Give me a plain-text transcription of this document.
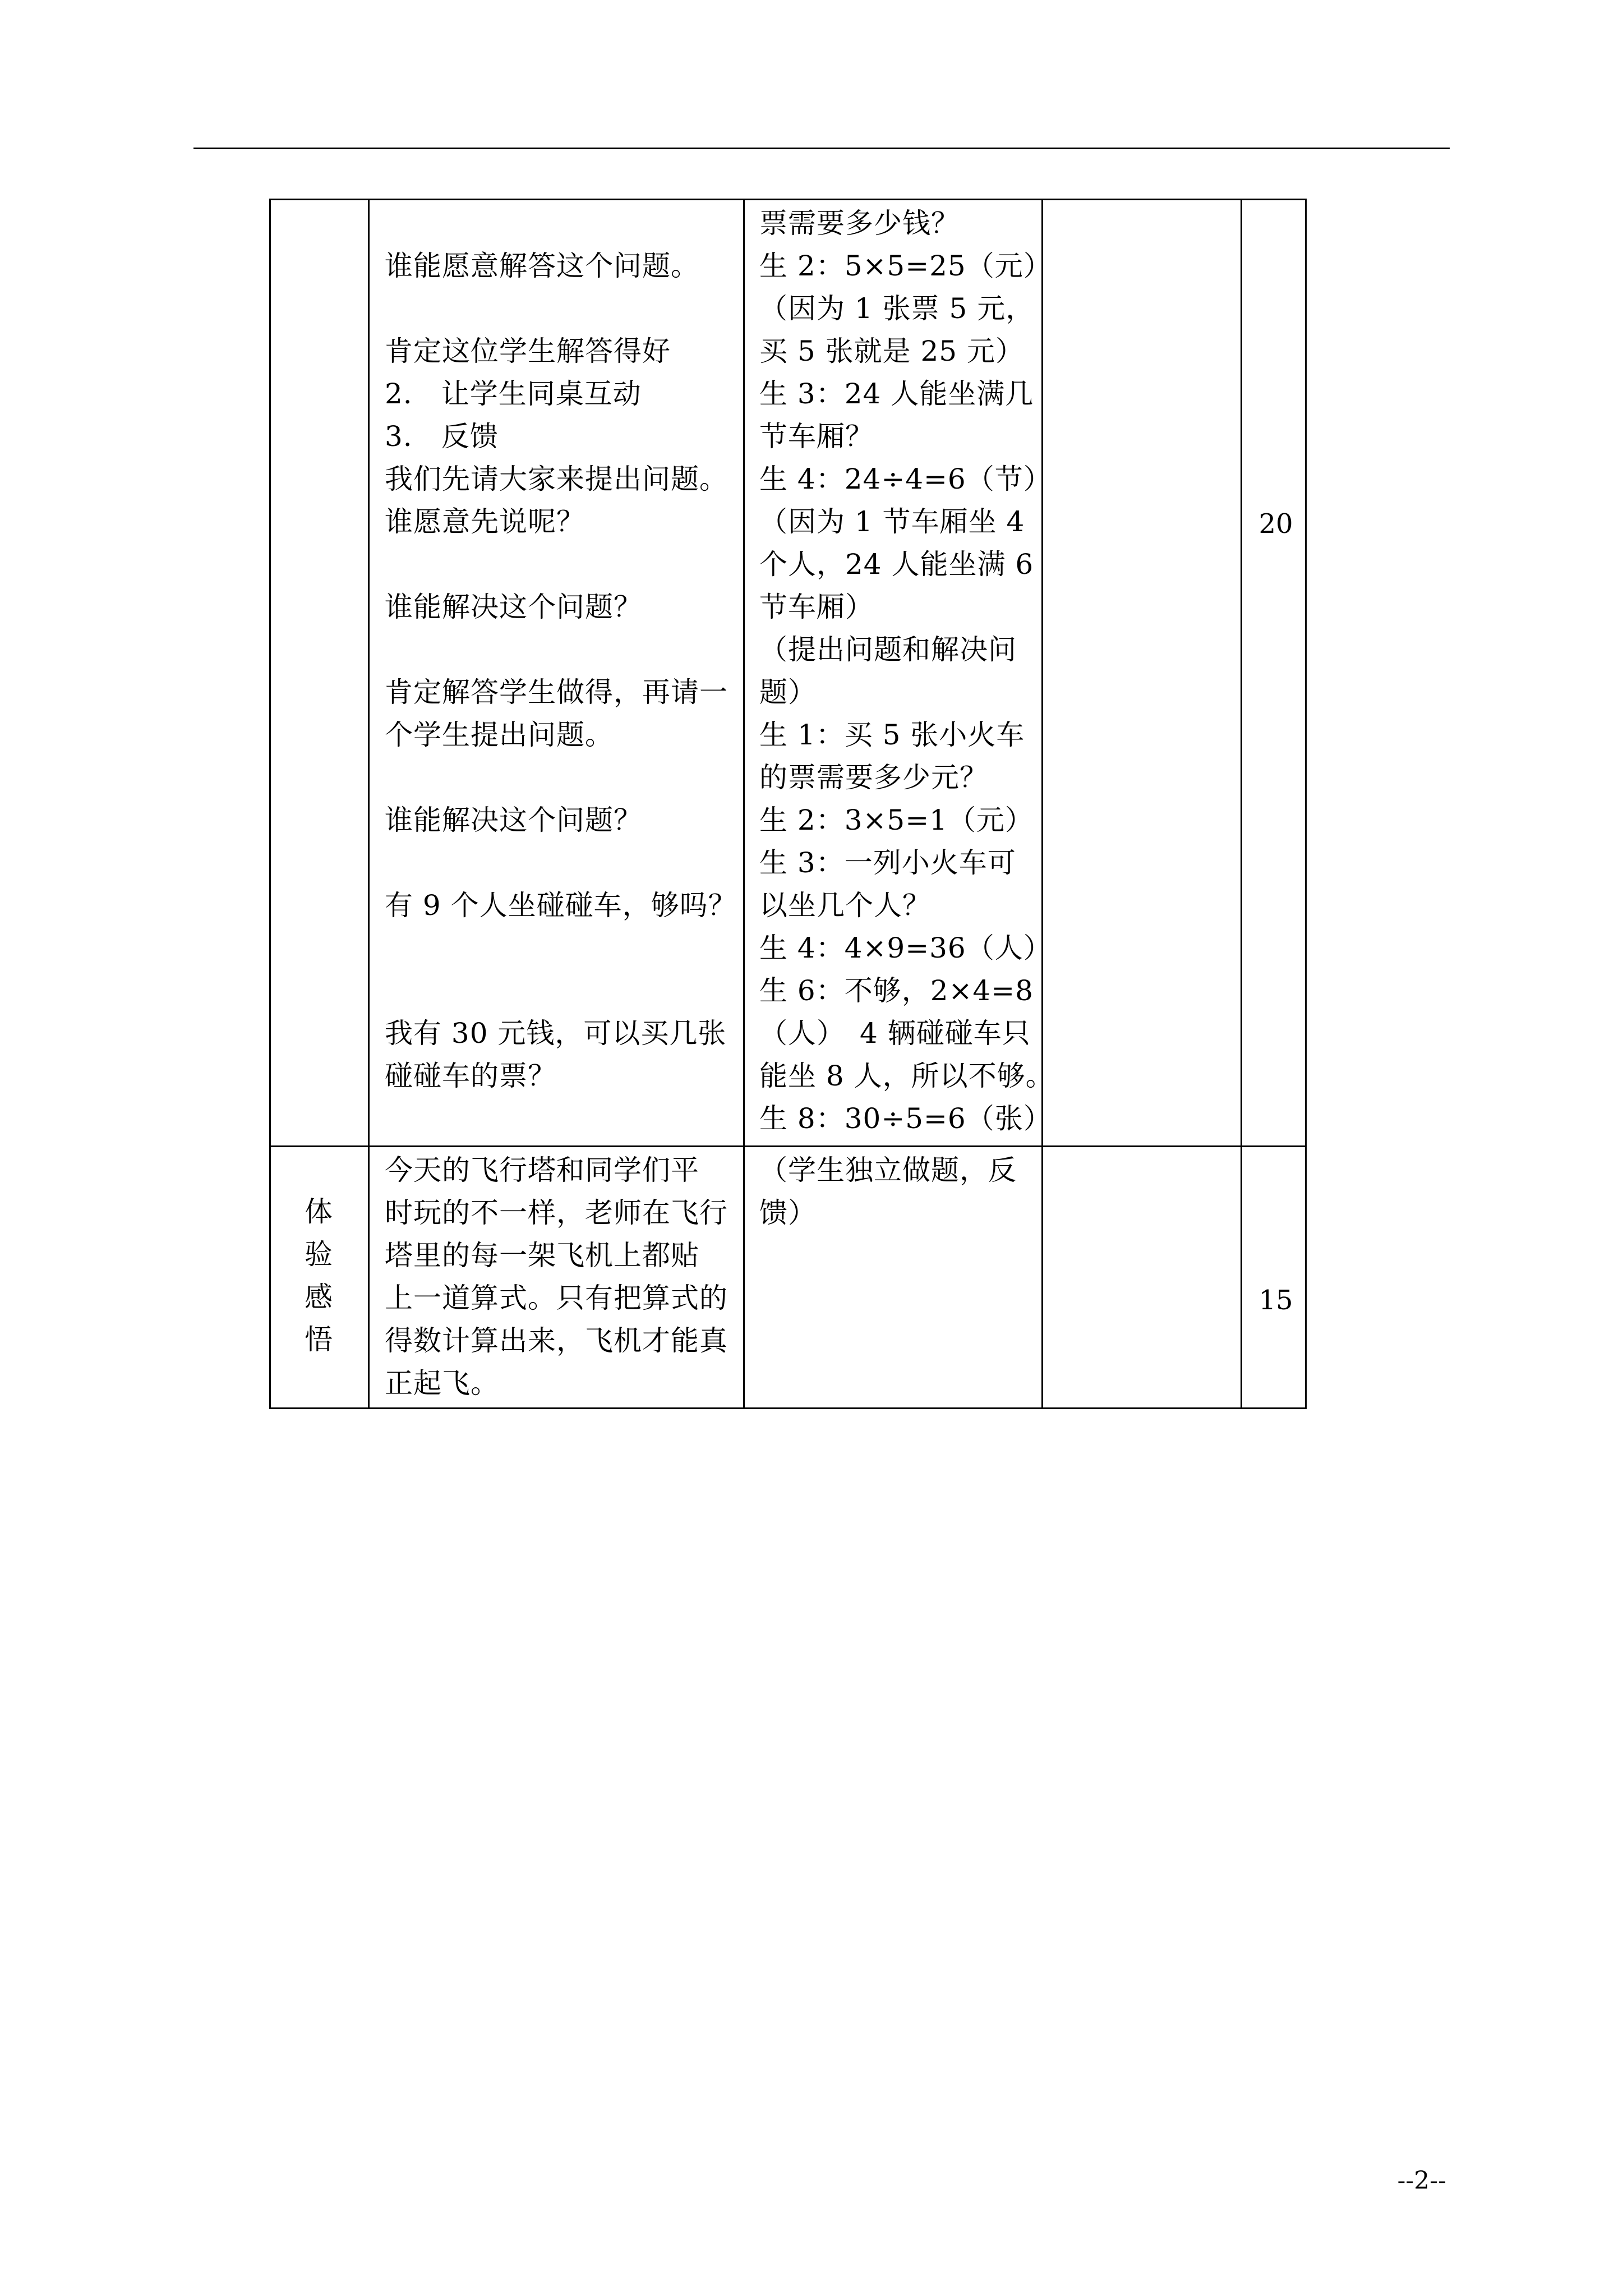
谁能愿意解答这个问题。
肯定这位学生解答得好
2.　让学生同桌互动
3.　反馈
我们先请大家来提出问题。
谁愿意先说呢？
谁能解决这个问题？
肯定解答学生做得，再请一
个学生提出问题。
谁能解决这个问题？
有 9 个人坐碰碰车，够吗？
我有 30 元钱，可以买几张
碰碰车的票？
票需要多少钱？
生 2：5×5=25（元）
（因为 1 张票 5 元，
买 5 张就是 25 元）
生 3：24 人能坐满几
节车厢？
生 4：24÷4=6（节）
（因为 1 节车厢坐 4
个人，24 人能坐满 6
节车厢）
（提出问题和解决问
题）
生 1：买 5 张小火车
的票需要多少元？
生 2：3×5=1（元）
生 3：一列小火车可
以坐几个人？
生 4：4×9=36（人）
生 6：不够，2×4=8
（人）　4 辆碰碰车只
能坐 8 人，所以不够。
生 8：30÷5=6（张）
20
体
验
感
悟
今天的飞行塔和同学们平
时玩的不一样，老师在飞行
塔里的每一架飞机上都贴
上一道算式。只有把算式的
得数计算出来，飞机才能真
正起飞。
（学生独立做题，反
馈）
15
--2--
